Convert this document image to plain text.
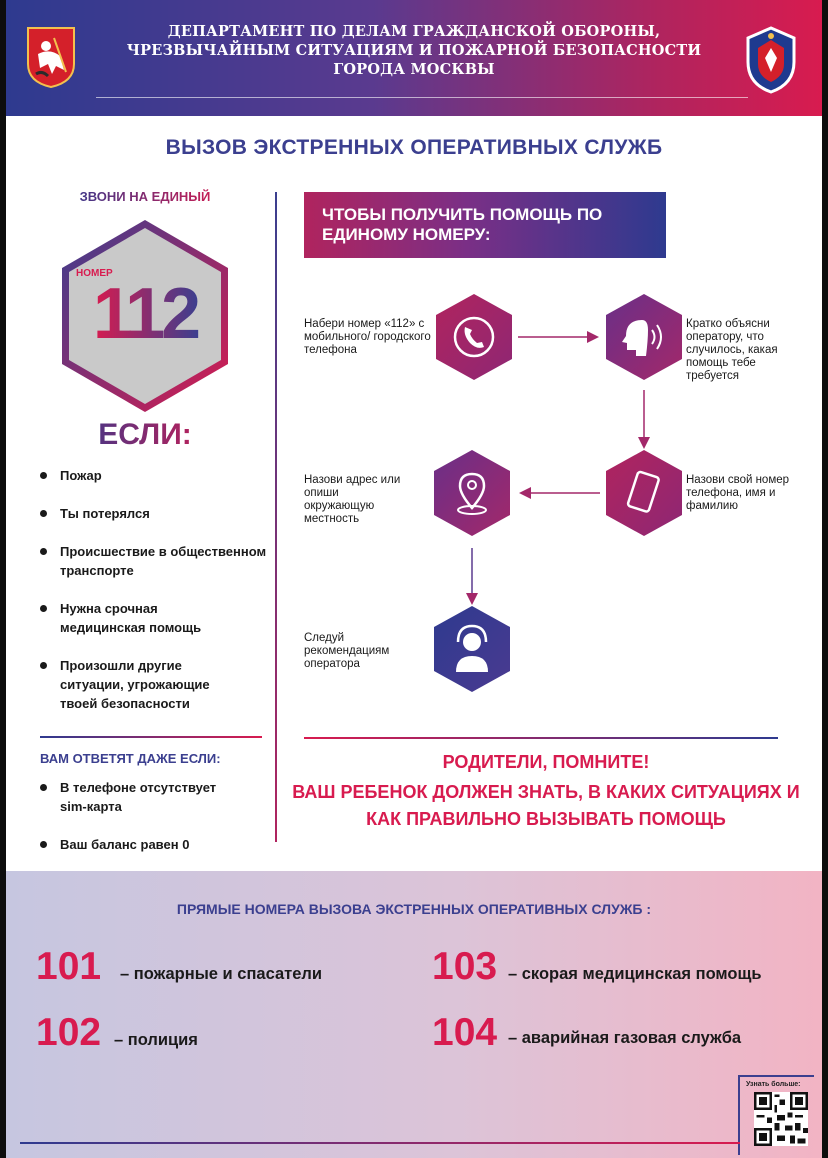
ДЕПАРТАМЕНТ ПО ДЕЛАМ ГРАЖДАНСКОЙ ОБОРОНЫ,
ЧРЕЗВЫЧАЙНЫМ СИТУАЦИЯМ И ПОЖАРНОЙ БЕЗОПАСНОСТИ
ГОРОДА МОСКВЫ
ВЫЗОВ ЭКСТРЕННЫХ ОПЕРАТИВНЫХ СЛУЖБ
ЗВОНИ НА ЕДИНЫЙ
НОМЕР
112
ЕСЛИ:
Пожар
Ты потерялся
Происшествие в общественном транспорте
Нужна срочная медицинская помощь
Произошли другие ситуации, угрожающие твоей безопасности
ВАМ ОТВЕТЯТ ДАЖЕ ЕСЛИ:
В телефоне отсутствует sim-карта
Ваш баланс равен 0
ЧТОБЫ ПОЛУЧИТЬ ПОМОЩЬ ПО ЕДИНОМУ НОМЕРУ:
Набери номер «112» с мобильного/ городского телефона
Кратко объясни оператору, что случилось, какая помощь тебе требуется
Назови свой номер телефона, имя и фамилию
Назови адрес или опиши окружающую местность
Следуй рекомендациям оператора
РОДИТЕЛИ, ПОМНИТЕ!
ВАШ РЕБЕНОК ДОЛЖЕН ЗНАТЬ, В КАКИХ СИТУАЦИЯХ И
КАК ПРАВИЛЬНО ВЫЗЫВАТЬ ПОМОЩЬ
ПРЯМЫЕ НОМЕРА ВЫЗОВА ЭКСТРЕННЫХ ОПЕРАТИВНЫХ СЛУЖБ :
101 – пожарные и спасатели
102 – полиция
103 – скорая медицинская помощь
104 – аварийная газовая служба
Узнать больше:
